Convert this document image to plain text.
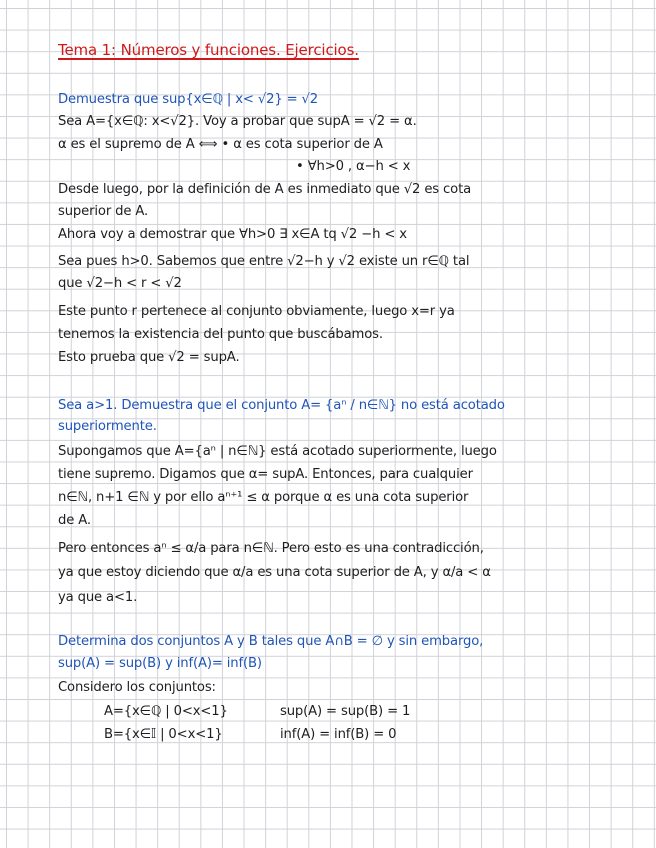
Tema 1: Números y funciones. Ejercicios.
Demuestra que sup{x∈ℚ | x< √2} = √2
Sea A={x∈ℚ: x<√2}. Voy a probar que supA = √2 = α.
α es el supremo de A ⟺ • α es cota superior de A
• ∀h>0 , α−h < x
Desde luego, por la definición de A es inmediato que √2 es cota
superior de A.
Ahora voy a demostrar que ∀h>0 ∃ x∈A tq √2 −h < x
Sea pues h>0. Sabemos que entre √2−h y √2 existe un r∈ℚ tal
que √2−h < r < √2
Este punto r pertenece al conjunto obviamente, luego x=r ya
tenemos la existencia del punto que buscábamos.
Esto prueba que √2 = supA.
Sea a>1. Demuestra que el conjunto A= {aⁿ / n∈ℕ} no está acotado
superiormente.
Supongamos que A={aⁿ | n∈ℕ} está acotado superiormente, luego
tiene supremo. Digamos que α= supA. Entonces, para cualquier
n∈ℕ, n+1 ∈ℕ y por ello aⁿ⁺¹ ≤ α porque α es una cota superior
de A.
Pero entonces aⁿ ≤ α/a para n∈ℕ. Pero esto es una contradicción,
ya que estoy diciendo que α/a es una cota superior de A, y α/a < α
ya que a<1.
Determina dos conjuntos A y B tales que A∩B = ∅ y sin embargo,
sup(A) = sup(B) y inf(A)= inf(B)
Considero los conjuntos:
A={x∈ℚ | 0<x<1}	sup(A) = sup(B) = 1
B={x∈𝕀 | 0<x<1}	inf(A) = inf(B) = 0
